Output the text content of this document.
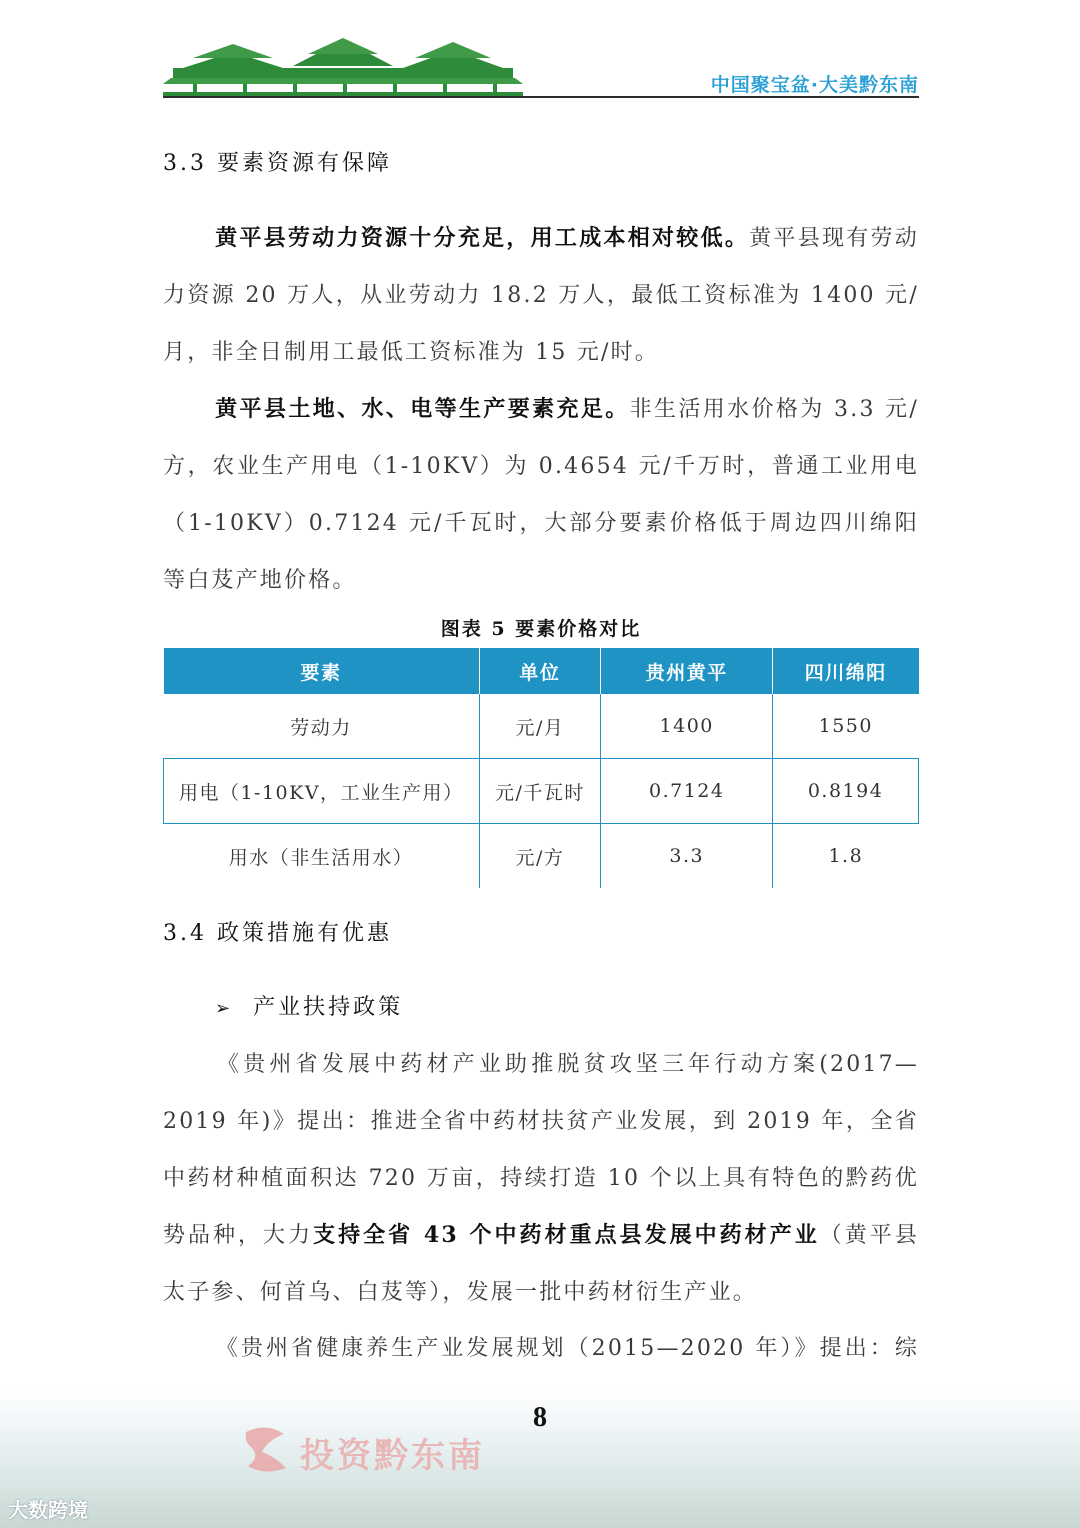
中国聚宝盆·大美黔东南
3.3 要素资源有保障

黄平县劳动力资源十分充足，用工成本相对较低。黄平县现有劳动力资源 20 万人，从业劳动力 18.2 万人，最低工资标准为 1400 元/月，非全日制用工最低工资标准为 15 元/时。

黄平县土地、水、电等生产要素充足。非生活用水价格为 3.3 元/方，农业生产用电（1-10KV）为 0.4654 元/千万时，普通工业用电（1-10KV）0.7124 元/千瓦时，大部分要素价格低于周边四川绵阳等白芨产地价格。

图表 5 要素价格对比
要素	单位	贵州黄平	四川绵阳
劳动力	元/月	1400	1550
用电（1-10KV，工业生产用）	元/千瓦时	0.7124	0.8194
用水（非生活用水）	元/方	3.3	1.8
3.4 政策措施有优惠
➢ 产业扶持政策

《贵州省发展中药材产业助推脱贫攻坚三年行动方案(2017—2019 年)》提出：推进全省中药材扶贫产业发展，到 2019 年，全省中药材种植面积达 720 万亩，持续打造 10 个以上具有特色的黔药优势品种，大力支持全省 43 个中药材重点县发展中药材产业（黄平县太子参、何首乌、白芨等），发展一批中药材衍生产业。

《贵州省健康养生产业发展规划（2015—2020 年）》提出：综

8
投资黔东南
大数跨境
